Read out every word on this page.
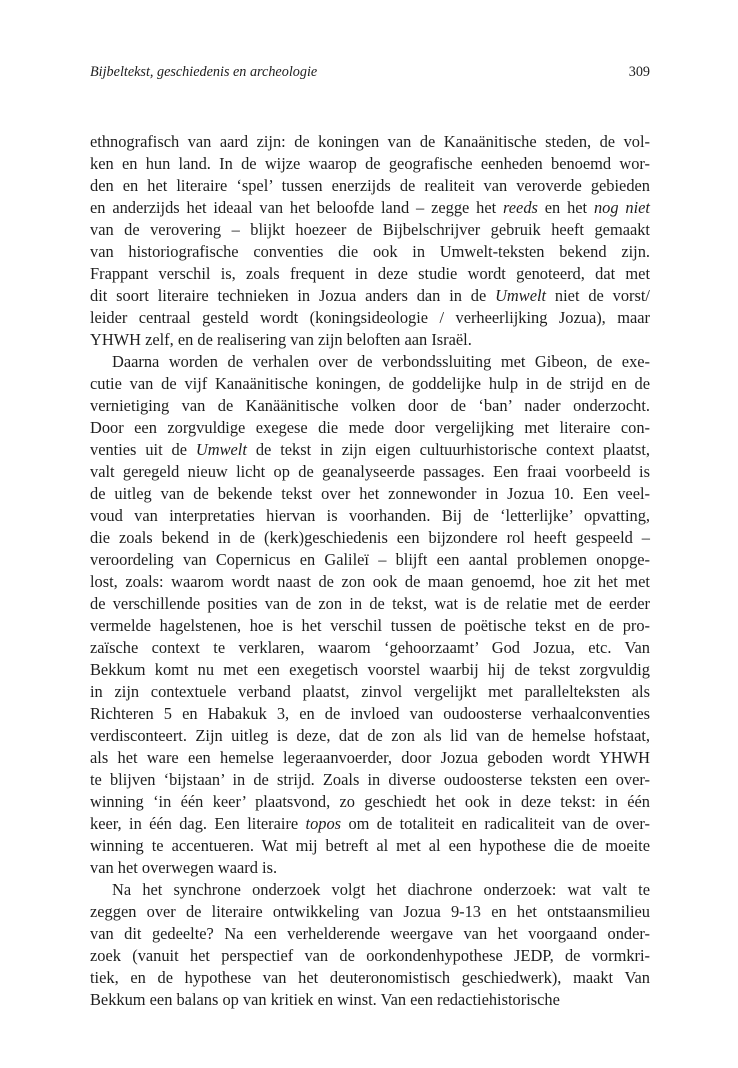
Bijbeltekst, geschiedenis en archeologie	309
ethnografisch van aard zijn: de koningen van de Kanaänitische steden, de vol-
ken en hun land. In de wijze waarop de geografische eenheden benoemd wor-
den en het literaire ‘spel’ tussen enerzijds de realiteit van veroverde gebieden
en anderzijds het ideaal van het beloofde land – zegge het reeds en het nog niet
van de verovering – blijkt hoezeer de Bijbelschrijver gebruik heeft gemaakt
van historiografische conventies die ook in Umwelt-teksten bekend zijn.
Frappant verschil is, zoals frequent in deze studie wordt genoteerd, dat met
dit soort literaire technieken in Jozua anders dan in de Umwelt niet de vorst/
leider centraal gesteld wordt (koningsideologie / verheerlijking Jozua), maar
YHWH zelf, en de realisering van zijn beloften aan Israël.
Daarna worden de verhalen over de verbondssluiting met Gibeon, de exe-
cutie van de vijf Kanaänitische koningen, de goddelijke hulp in de strijd en de
vernietiging van de Kanäänitische volken door de ‘ban’ nader onderzocht.
Door een zorgvuldige exegese die mede door vergelijking met literaire con-
venties uit de Umwelt de tekst in zijn eigen cultuurhistorische context plaatst,
valt geregeld nieuw licht op de geanalyseerde passages. Een fraai voorbeeld is
de uitleg van de bekende tekst over het zonnewonder in Jozua 10. Een veel-
voud van interpretaties hiervan is voorhanden. Bij de ‘letterlijke’ opvatting,
die zoals bekend in de (kerk)geschiedenis een bijzondere rol heeft gespeeld –
veroordeling van Copernicus en Galileï – blijft een aantal problemen onopge-
lost, zoals: waarom wordt naast de zon ook de maan genoemd, hoe zit het met
de verschillende posities van de zon in de tekst, wat is de relatie met de eerder
vermelde hagelstenen, hoe is het verschil tussen de poëtische tekst en de pro-
zaïsche context te verklaren, waarom ‘gehoorzaamt’ God Jozua, etc. Van
Bekkum komt nu met een exegetisch voorstel waarbij hij de tekst zorgvuldig
in zijn contextuele verband plaatst, zinvol vergelijkt met parallelteksten als
Richteren 5 en Habakuk 3, en de invloed van oudoosterse verhaalconventies
verdisconteert. Zijn uitleg is deze, dat de zon als lid van de hemelse hofstaat,
als het ware een hemelse legeraanvoerder, door Jozua geboden wordt YHWH
te blijven ‘bijstaan’ in de strijd. Zoals in diverse oudoosterse teksten een over-
winning ‘in één keer’ plaatsvond, zo geschiedt het ook in deze tekst: in één
keer, in één dag. Een literaire topos om de totaliteit en radicaliteit van de over-
winning te accentueren. Wat mij betreft al met al een hypothese die de moeite
van het overwegen waard is.
Na het synchrone onderzoek volgt het diachrone onderzoek: wat valt te
zeggen over de literaire ontwikkeling van Jozua 9-13 en het ontstaansmilieu
van dit gedeelte? Na een verhelderende weergave van het voorgaand onder-
zoek (vanuit het perspectief van de oorkondenhypothese JEDP, de vormkri-
tiek, en de hypothese van het deuteronomistisch geschiedwerk), maakt Van
Bekkum een balans op van kritiek en winst. Van een redactiehistorische
